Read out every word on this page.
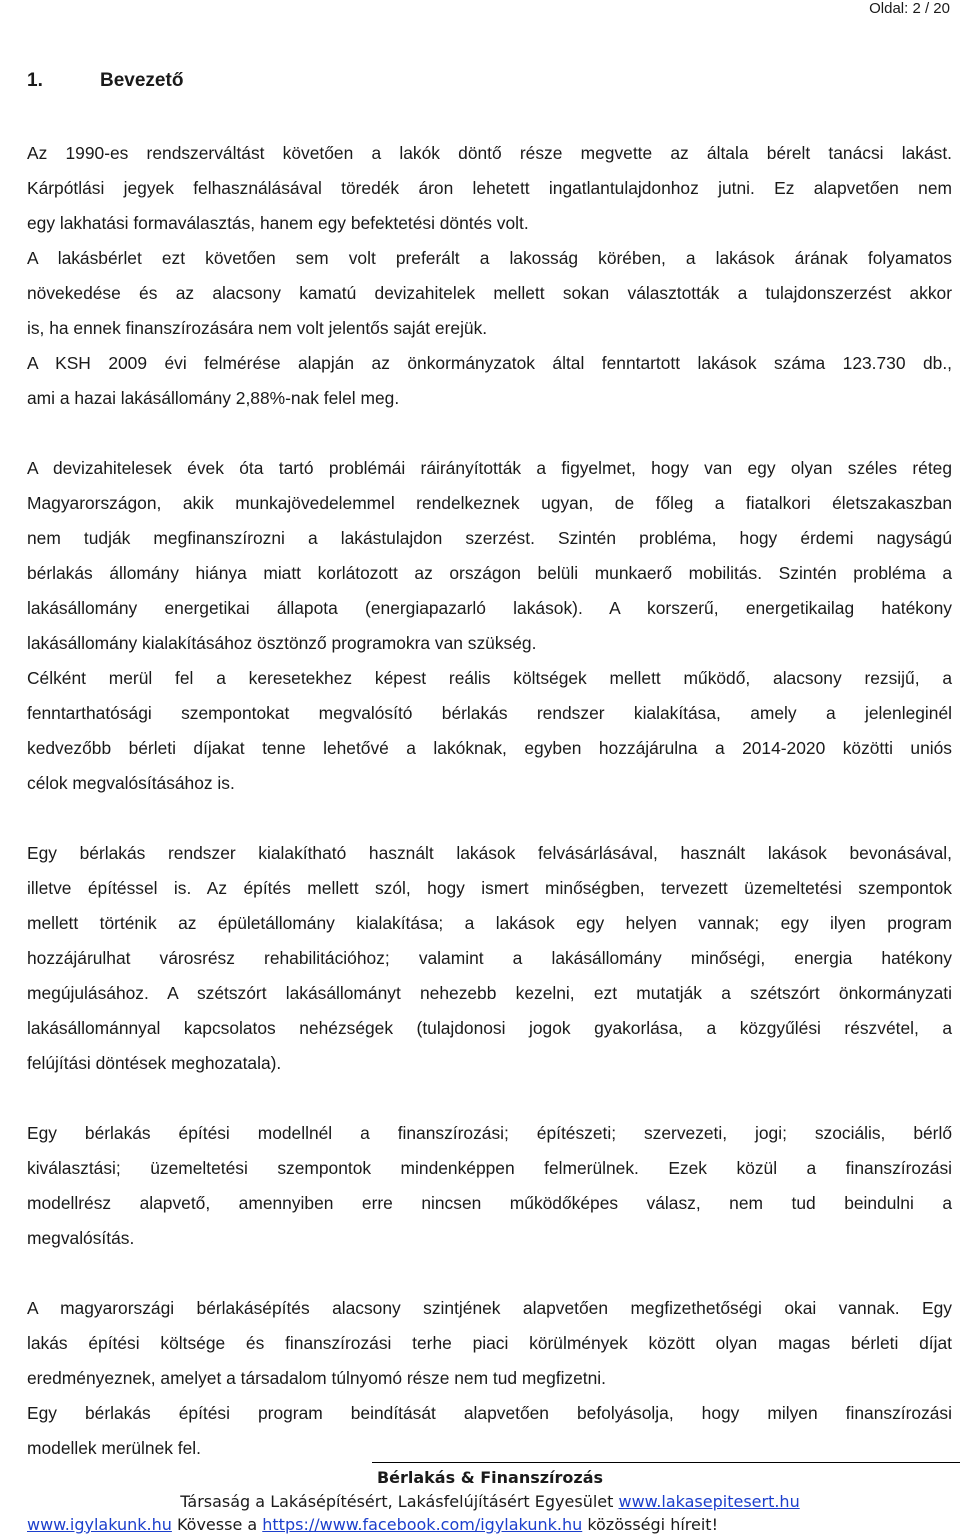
Oldal: 2 / 20
1.	Bevezető
Az 1990-es rendszerváltást követően a lakók döntő része megvette az általa bérelt tanácsi lakást.
Kárpótlási jegyek felhasználásával töredék áron lehetett ingatlantulajdonhoz jutni. Ez alapvetően nem
egy lakhatási formaválasztás, hanem egy befektetési döntés volt.
A lakásbérlet ezt követően sem volt preferált a lakosság körében, a lakások árának folyamatos
növekedése és az alacsony kamatú devizahitelek mellett sokan választották a tulajdonszerzést akkor
is, ha ennek finanszírozására nem volt jelentős saját erejük.
A KSH 2009 évi felmérése alapján az önkormányzatok által fenntartott lakások száma 123.730 db.,
ami a hazai lakásállomány 2,88%-nak felel meg.
A devizahitelesek évek óta tartó problémái ráirányították a figyelmet, hogy van egy olyan széles réteg
Magyarországon, akik munkajövedelemmel rendelkeznek ugyan, de főleg a fiatalkori életszakaszban
nem tudják megfinanszírozni a lakástulajdon szerzést. Szintén probléma, hogy érdemi nagyságú
bérlakás állomány hiánya miatt korlátozott az országon belüli munkaerő mobilitás. Szintén probléma a
lakásállomány energetikai állapota (energiapazarló lakások). A korszerű, energetikailag hatékony
lakásállomány kialakításához ösztönző programokra van szükség.
Célként merül fel a keresetekhez képest reális költségek mellett működő, alacsony rezsijű, a
fenntarthatósági szempontokat megvalósító bérlakás rendszer kialakítása, amely a jelenleginél
kedvezőbb bérleti díjakat tenne lehetővé a lakóknak, egyben hozzájárulna a 2014-2020 közötti uniós
célok megvalósításához is.
Egy bérlakás rendszer kialakítható használt lakások felvásárlásával, használt lakások bevonásával,
illetve építéssel is. Az építés mellett szól, hogy ismert minőségben, tervezett üzemeltetési szempontok
mellett történik az épületállomány kialakítása; a lakások egy helyen vannak; egy ilyen program
hozzájárulhat városrész rehabilitációhoz; valamint a lakásállomány minőségi, energia hatékony
megújulásához. A szétszórt lakásállományt nehezebb kezelni, ezt mutatják a szétszórt önkormányzati
lakásállománnyal kapcsolatos nehézségek (tulajdonosi jogok gyakorlása, a közgyűlési részvétel, a
felújítási döntések meghozatala).
Egy bérlakás építési modellnél a finanszírozási; építészeti; szervezeti, jogi; szociális, bérlő
kiválasztási; üzemeltetési szempontok mindenképpen felmerülnek. Ezek közül a finanszírozási
modellrész alapvető, amennyiben erre nincsen működőképes válasz, nem tud beindulni a
megvalósítás.
A magyarországi bérlakásépítés alacsony szintjének alapvetően megfizethetőségi okai vannak. Egy
lakás építési költsége és finanszírozási terhe piaci körülmények között olyan magas bérleti díjat
eredményeznek, amelyet a társadalom túlnyomó része nem tud megfizetni.
Egy bérlakás építési program beindítását alapvetően befolyásolja, hogy milyen finanszírozási
modellek merülnek fel.
Bérlakás & Finanszírozás
Társaság a Lakásépítésért, Lakásfelújításért Egyesület www.lakasepitesert.hu
www.igylakunk.hu Kövesse a https://www.facebook.com/igylakunk.hu közösségi híreit!
